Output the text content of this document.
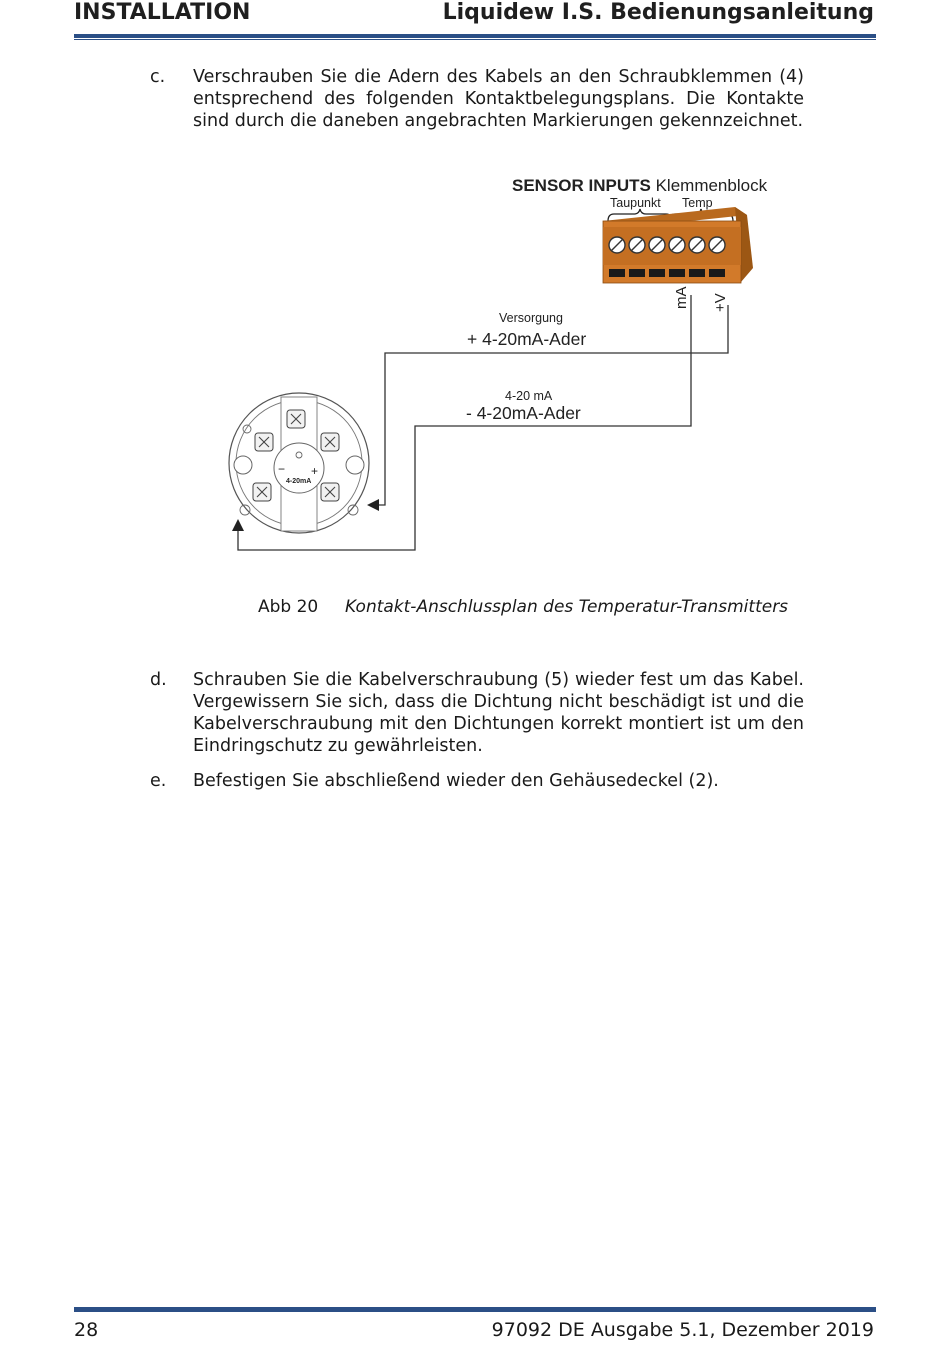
INSTALLATION	Liquidew I.S. Bedienungsanleitung
c.	Verschrauben Sie die Adern des Kabels an den Schraubklemmen (4) entsprechend des folgenden Kontaktbelegungsplans. Die Kontakte sind durch die daneben angebrachten Markierungen gekennzeichnet.
SENSOR INPUTS Klemmenblock
Taupunkt Temp
mA +V
Versorgung
+ 4-20mA-Ader
4-20 mA
- 4-20mA-Ader
− +
4-20mA
Abb 20 Kontakt-Anschlussplan des Temperatur-Transmitters
d.	Schrauben Sie die Kabelverschraubung (5) wieder fest um das Kabel. Vergewissern Sie sich, dass die Dichtung nicht beschädigt ist und die Kabelverschraubung mit den Dichtungen korrekt montiert ist um den Eindringschutz zu gewährleisten.
e.	Befestigen Sie abschließend wieder den Gehäusedeckel (2).
28	97092 DE Ausgabe 5.1, Dezember 2019
